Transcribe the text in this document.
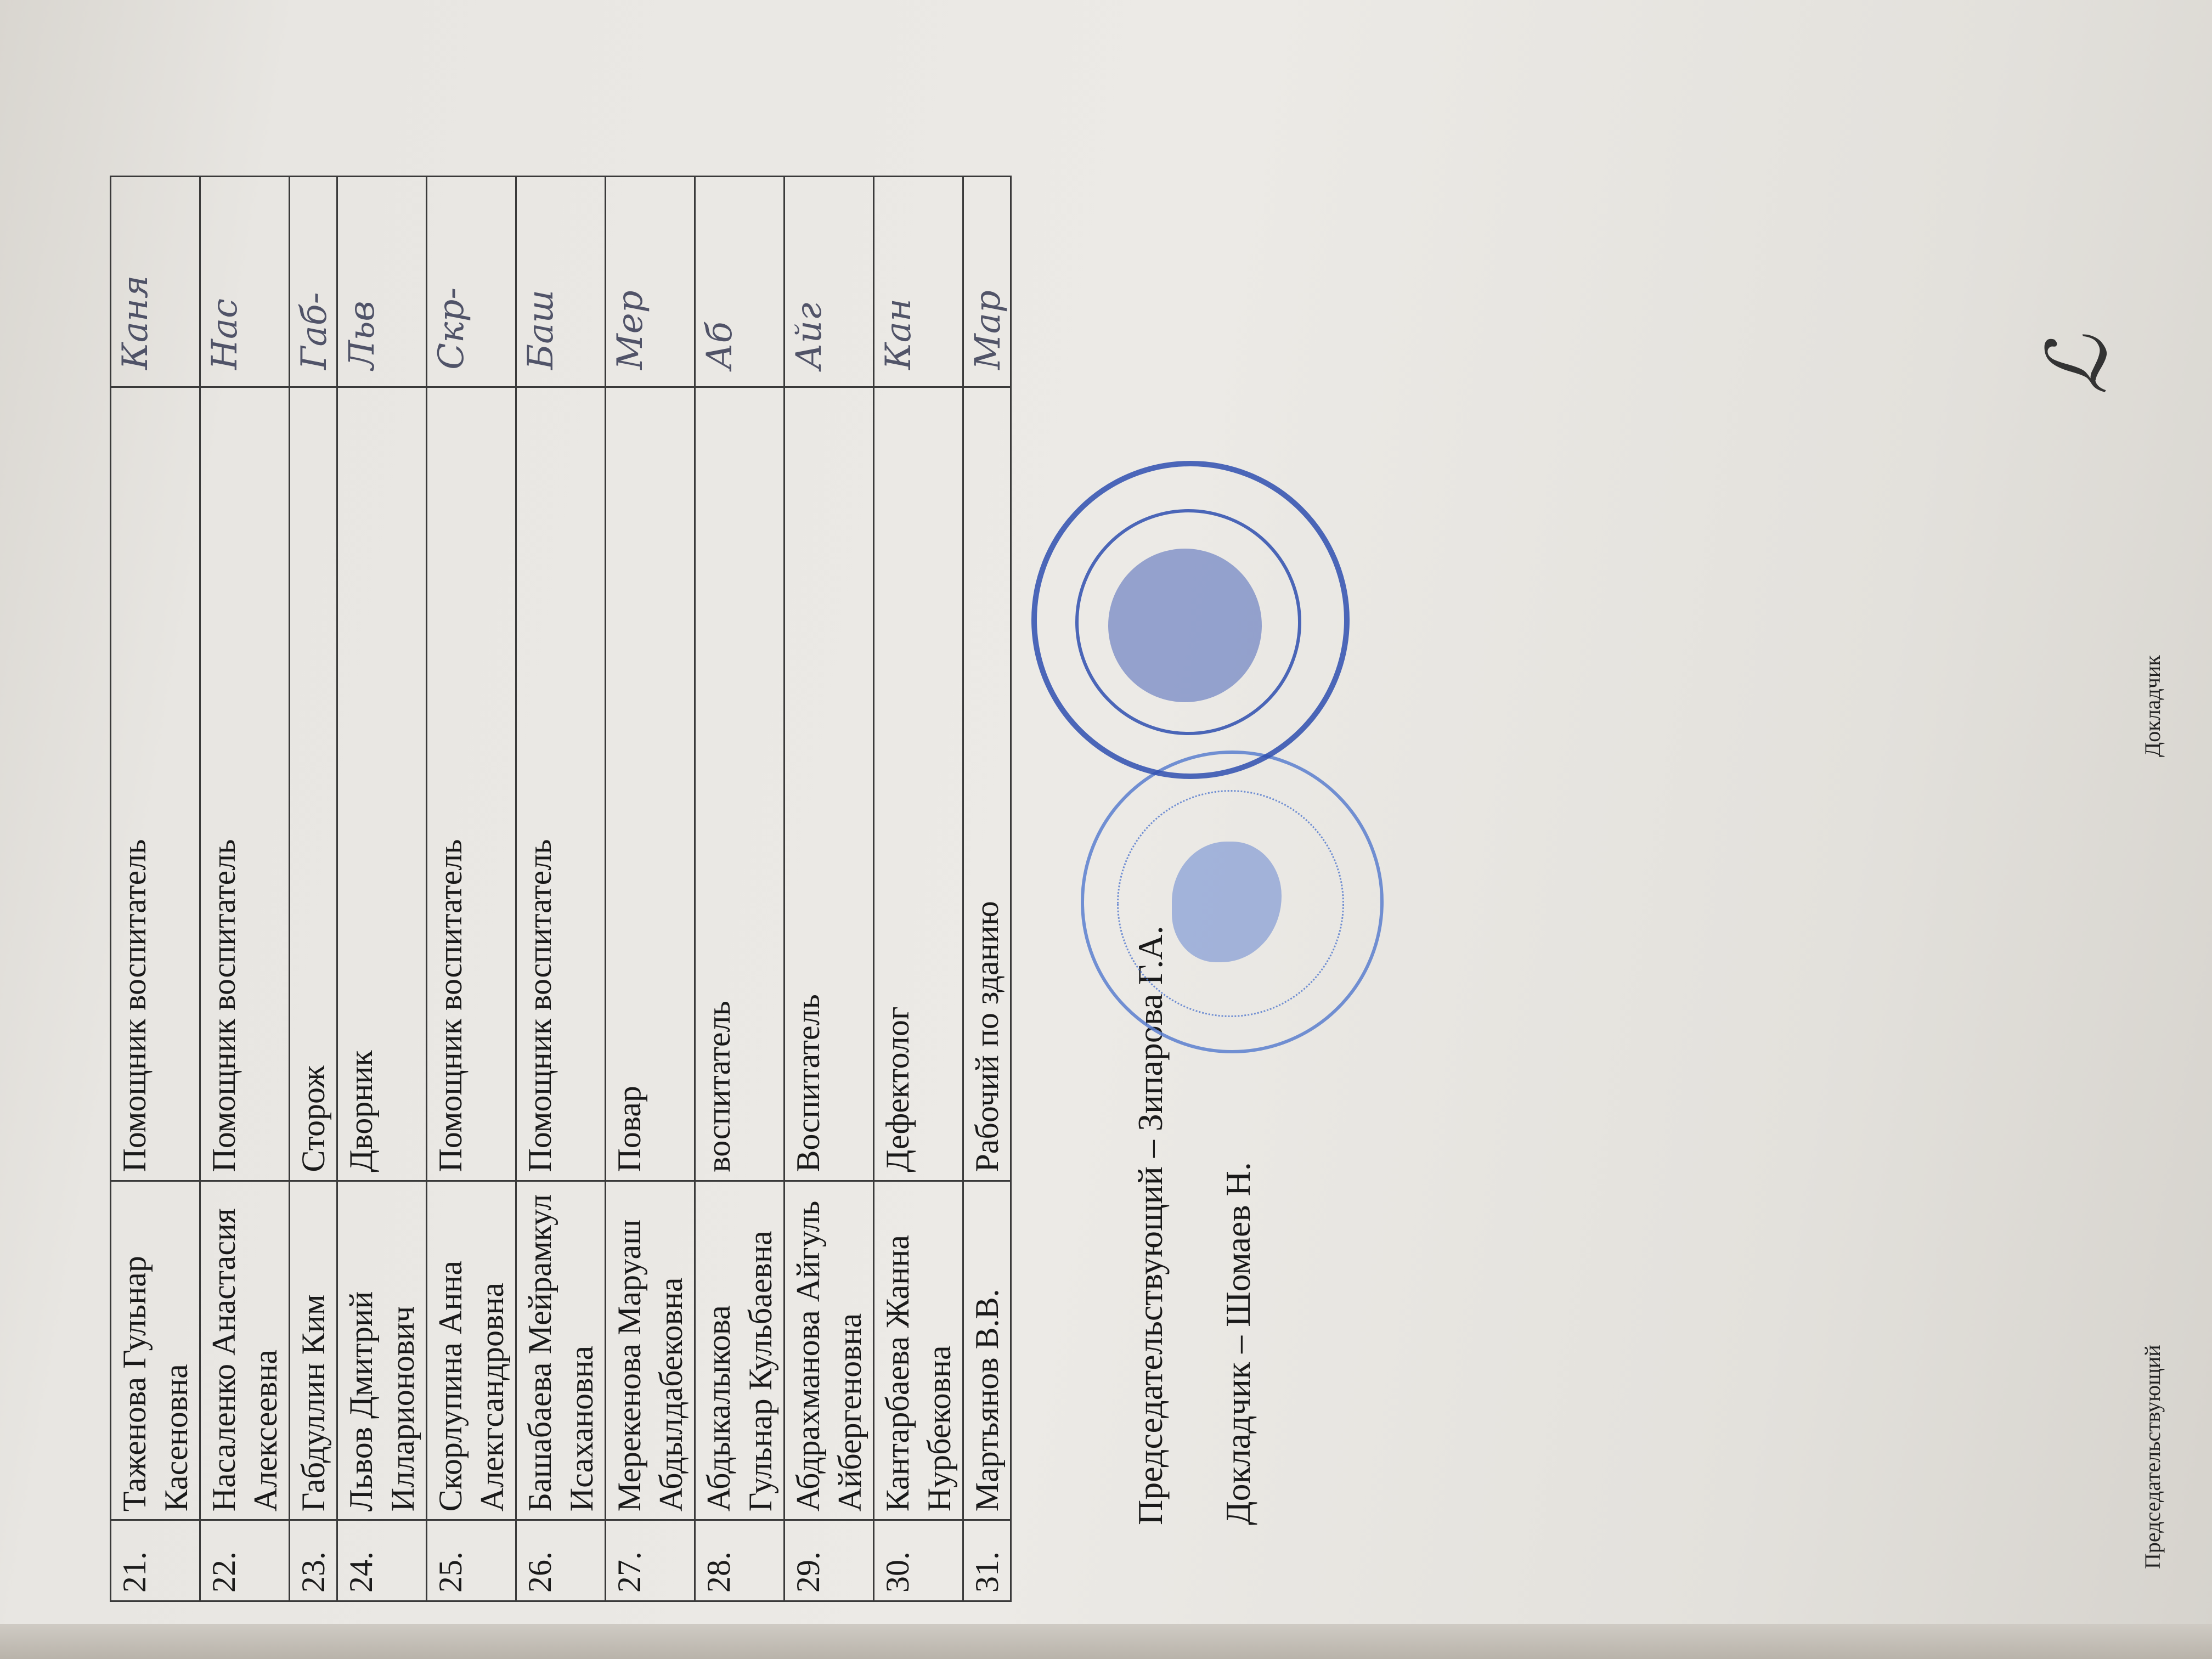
21.	Таженова Гульнар Касеновна	Помощник воспитатель	Каня

22.	Насаленко Анастасия Алексеевна	Помощник воспитатель	Нас

23.	Габдуллин Ким	Сторож	Габ-

24.	Львов Дмитрий Илларионович	Дворник	Льв

25.	Скорлупина Анна Алекгсандровна	Помощник воспитатель	Скр-

26.	Башабаева Мейрамкул Исахановна	Помощник воспитатель	Баш

27.	Мерекенова Маруаш Абдылдабековна	Повар	Мер

28.	Абдыкалыкова Гульнар Кульбаевна	воспитатель	Аб

29.	Абдрахманова Айгуль Айбергеновна	Воспитатель	Айг

30.	Кантарбаева Жанна Нурбековна	Дефектолог	Кан

31.	Мартьянов В.В.	Рабочий по зданию	Мар
Председательствующий – Зипарова Г.А. Докладчик – Шомаев Н.	Председательствующий
Докладчик
ℒ
